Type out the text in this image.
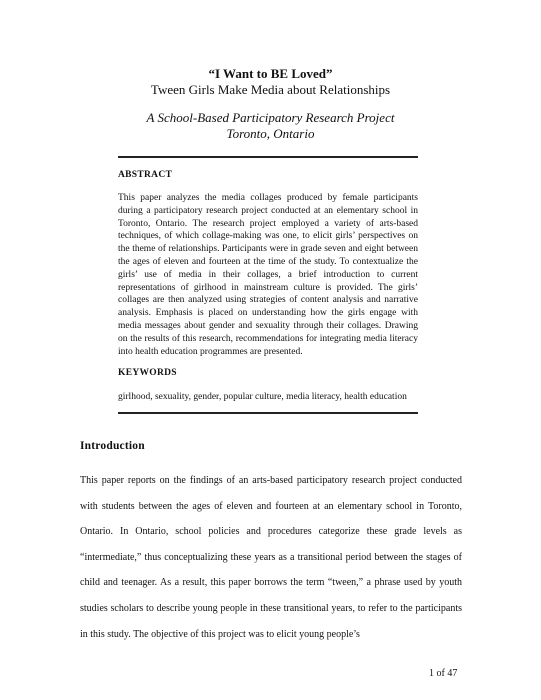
“I Want to BE Loved”
Tween Girls Make Media about Relationships
A School-Based Participatory Research Project
Toronto, Ontario
ABSTRACT
This paper analyzes the media collages produced by female participants during a participatory research project conducted at an elementary school in Toronto, Ontario. The research project employed a variety of arts-based techniques, of which collage-making was one, to elicit girls’ perspectives on the theme of relationships. Participants were in grade seven and eight between the ages of eleven and fourteen at the time of the study. To contextualize the girls’ use of media in their collages, a brief introduction to current representations of girlhood in mainstream culture is provided. The girls’ collages are then analyzed using strategies of content analysis and narrative analysis. Emphasis is placed on understanding how the girls engage with media messages about gender and sexuality through their collages. Drawing on the results of this research, recommendations for integrating media literacy into health education programmes are presented.
KEYWORDS
girlhood, sexuality, gender, popular culture, media literacy, health education
Introduction
This paper reports on the findings of an arts-based participatory research project conducted with students between the ages of eleven and fourteen at an elementary school in Toronto, Ontario. In Ontario, school policies and procedures categorize these grade levels as “intermediate,” thus conceptualizing these years as a transitional period between the stages of child and teenager. As a result, this paper borrows the term “tween,” a phrase used by youth studies scholars to describe young people in these transitional years, to refer to the participants in this study. The objective of this project was to elicit young people’s
1 of 47
